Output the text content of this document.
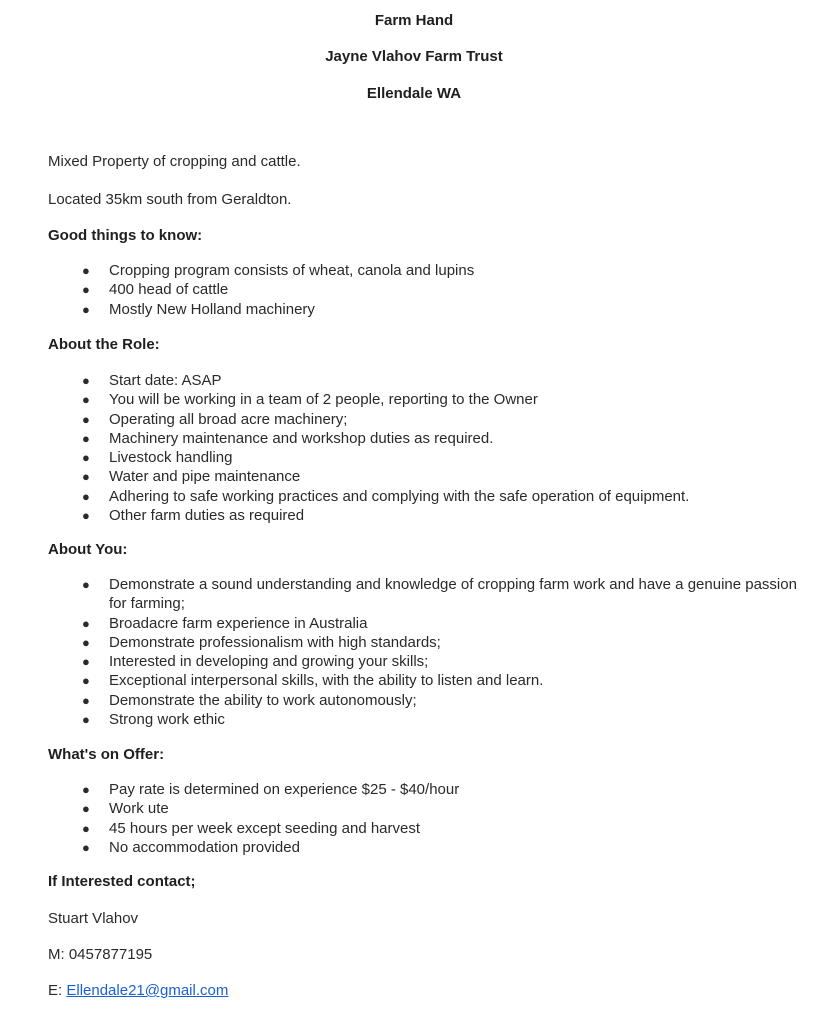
Farm Hand
Jayne Vlahov Farm Trust
Ellendale WA
Mixed Property of cropping and cattle.
Located 35km south from Geraldton.
Good things to know:
● Cropping program consists of wheat, canola and lupins
● 400 head of cattle
● Mostly New Holland machinery
About the Role:
● Start date: ASAP
● You will be working in a team of 2 people, reporting to the Owner
● Operating all broad acre machinery;
● Machinery maintenance and workshop duties as required.
● Livestock handling
● Water and pipe maintenance
● Adhering to safe working practices and complying with the safe operation of equipment.
● Other farm duties as required
About You:
● Demonstrate a sound understanding and knowledge of cropping farm work and have a genuine passion for farming;
● Broadacre farm experience in Australia
● Demonstrate professionalism with high standards;
● Interested in developing and growing your skills;
● Exceptional interpersonal skills, with the ability to listen and learn.
● Demonstrate the ability to work autonomously;
● Strong work ethic
What's on Offer:
● Pay rate is determined on experience $25 - $40/hour
● Work ute
● 45 hours per week except seeding and harvest
● No accommodation provided
If Interested contact;
Stuart Vlahov
M: 0457877195
E: Ellendale21@gmail.com
